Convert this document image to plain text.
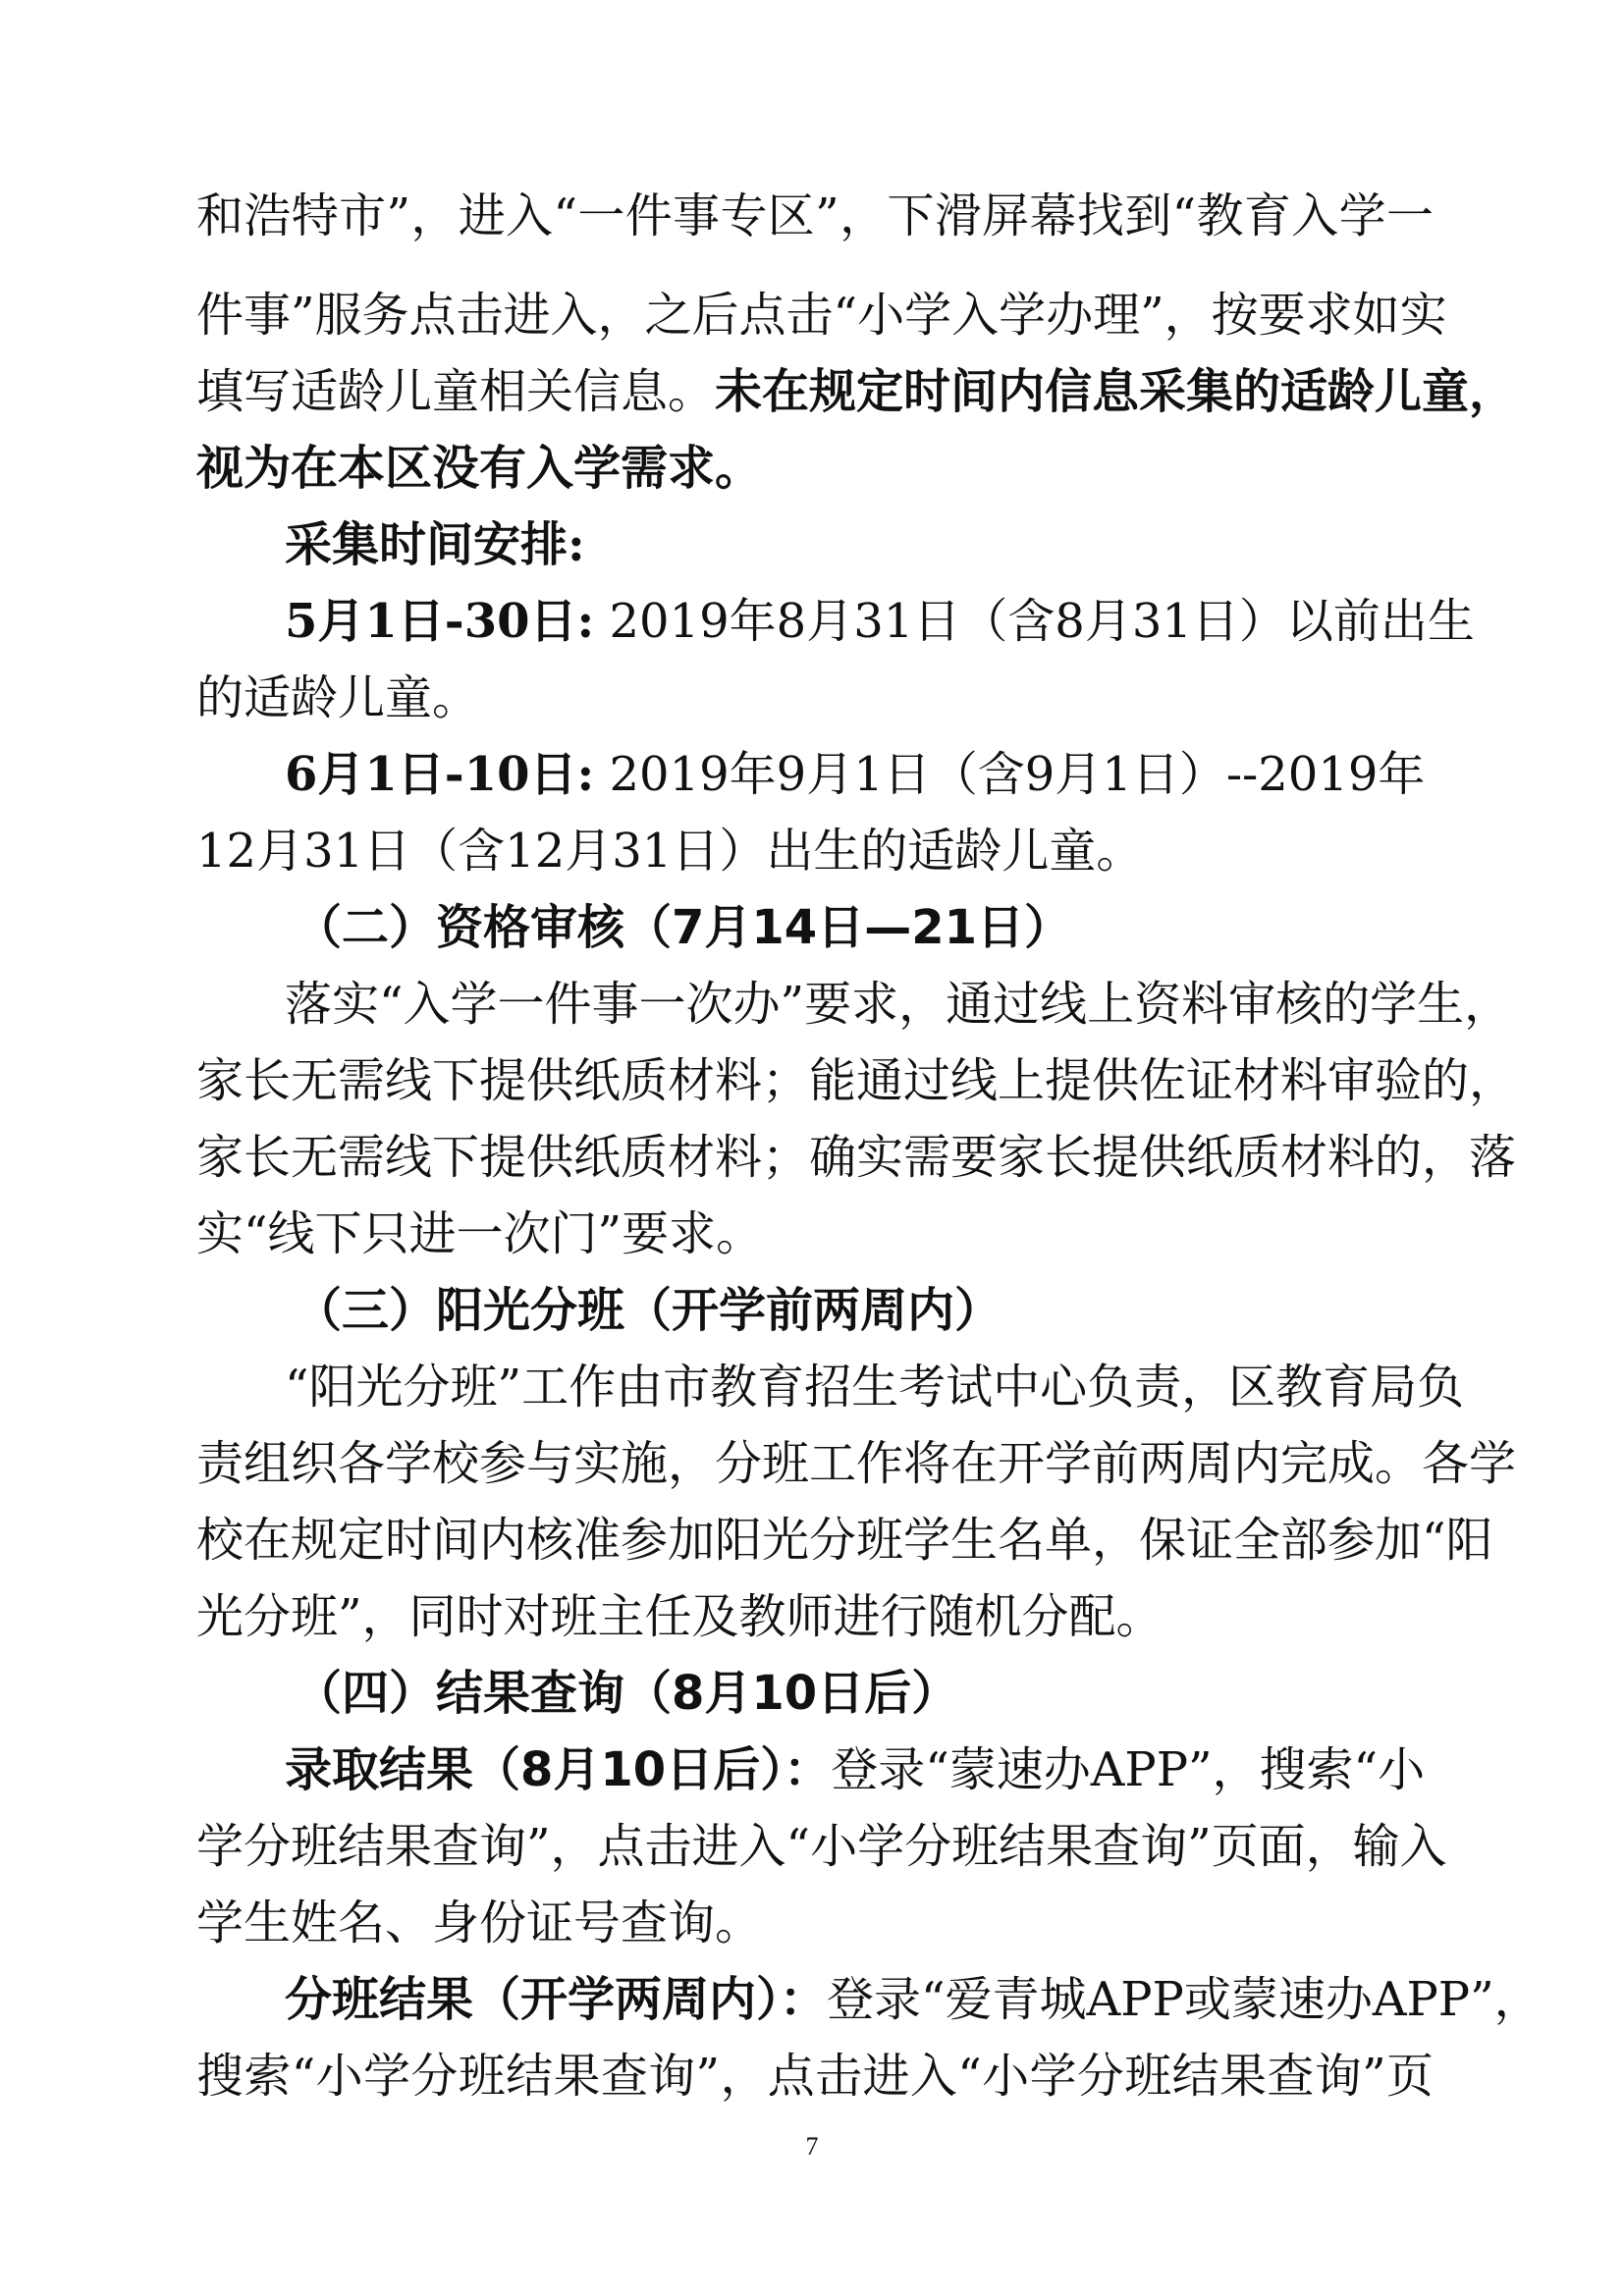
和浩特市”，进入“一件事专区”，下滑屏幕找到“教育入学一
件事”服务点击进入，之后点击“小学入学办理”，按要求如实
填写适龄儿童相关信息。未在规定时间内信息采集的适龄儿童，
视为在本区没有入学需求。
采集时间安排:
5月1日-30日: 2019年8月31日（含8月31日）以前出生
的适龄儿童。
6月1日-10日: 2019年9月1日（含9月1日）--2019年
12月31日（含12月31日）出生的适龄儿童。
（二）资格审核（7月14日—21日）
落实“入学一件事一次办”要求，通过线上资料审核的学生，
家长无需线下提供纸质材料；能通过线上提供佐证材料审验的，
家长无需线下提供纸质材料；确实需要家长提供纸质材料的，落
实“线下只进一次门”要求。
（三）阳光分班（开学前两周内）
“阳光分班”工作由市教育招生考试中心负责，区教育局负
责组织各学校参与实施，分班工作将在开学前两周内完成。各学
校在规定时间内核准参加阳光分班学生名单，保证全部参加“阳
光分班”，同时对班主任及教师进行随机分配。
（四）结果查询（8月10日后）
录取结果（8月10日后）：登录“蒙速办APP”，搜索“小
学分班结果查询”，点击进入“小学分班结果查询”页面，输入
学生姓名、身份证号查询。
分班结果（开学两周内）：登录“爱青城APP或蒙速办APP”，
搜索“小学分班结果查询”，点击进入“小学分班结果查询”页
7
